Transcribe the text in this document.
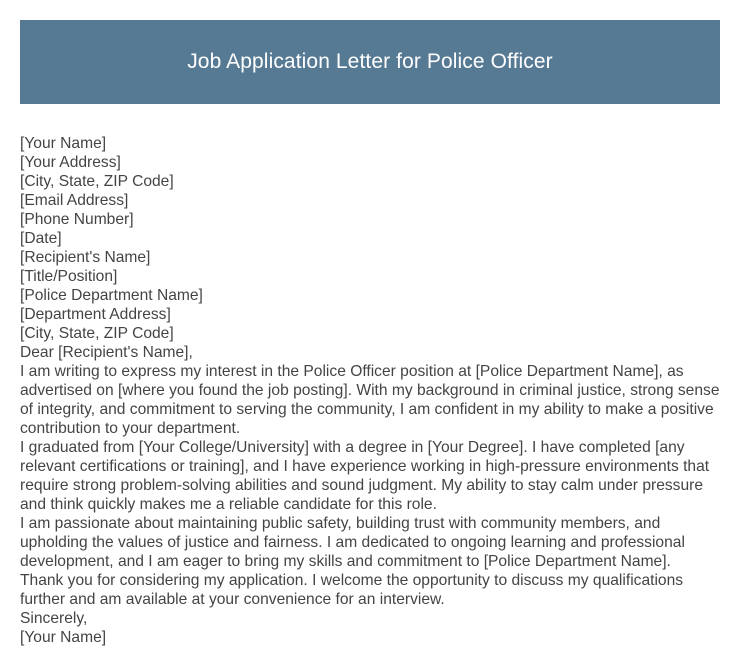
Job Application Letter for Police Officer

[Your Name]

[Your Address]

[City, State, ZIP Code]

[Email Address]

[Phone Number]

[Date]

[Recipient's Name]

[Title/Position]

[Police Department Name]

[Department Address]

[City, State, ZIP Code]

Dear [Recipient's Name],

I am writing to express my interest in the Police Officer position at [Police Department Name], as advertised on [where you found the job posting]. With my background in criminal justice, strong sense of integrity, and commitment to serving the community, I am confident in my ability to make a positive contribution to your department.

I graduated from [Your College/University] with a degree in [Your Degree]. I have completed [any relevant certifications or training], and I have experience working in high-pressure environments that require strong problem-solving abilities and sound judgment. My ability to stay calm under pressure and think quickly makes me a reliable candidate for this role.

I am passionate about maintaining public safety, building trust with community members, and upholding the values of justice and fairness. I am dedicated to ongoing learning and professional development, and I am eager to bring my skills and commitment to [Police Department Name].

Thank you for considering my application. I welcome the opportunity to discuss my qualifications further and am available at your convenience for an interview.

Sincerely,

[Your Name]
